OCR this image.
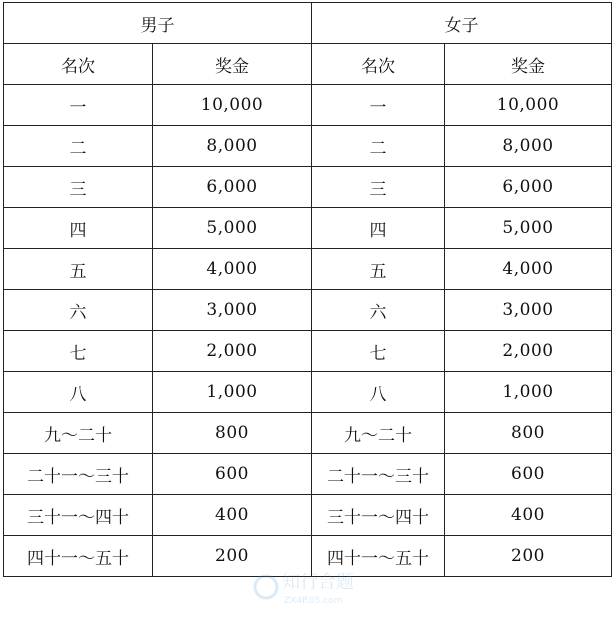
男子		女子	
名次	奖金	名次	奖金
一	10,000	一	10,000
二	8,000	二	8,000
三	6,000	三	6,000
四	5,000	四	5,000
五	4,000	五	4,000
六	3,000	六	3,000
七	2,000	七	2,000
八	1,000	八	1,000
九～二十	800	九～二十	800
二十一～三十	600	二十一～三十	600
三十一～四十	400	三十一～四十	400
四十一～五十	200	四十一～五十	200
知行合题
ZX4P.05.com
